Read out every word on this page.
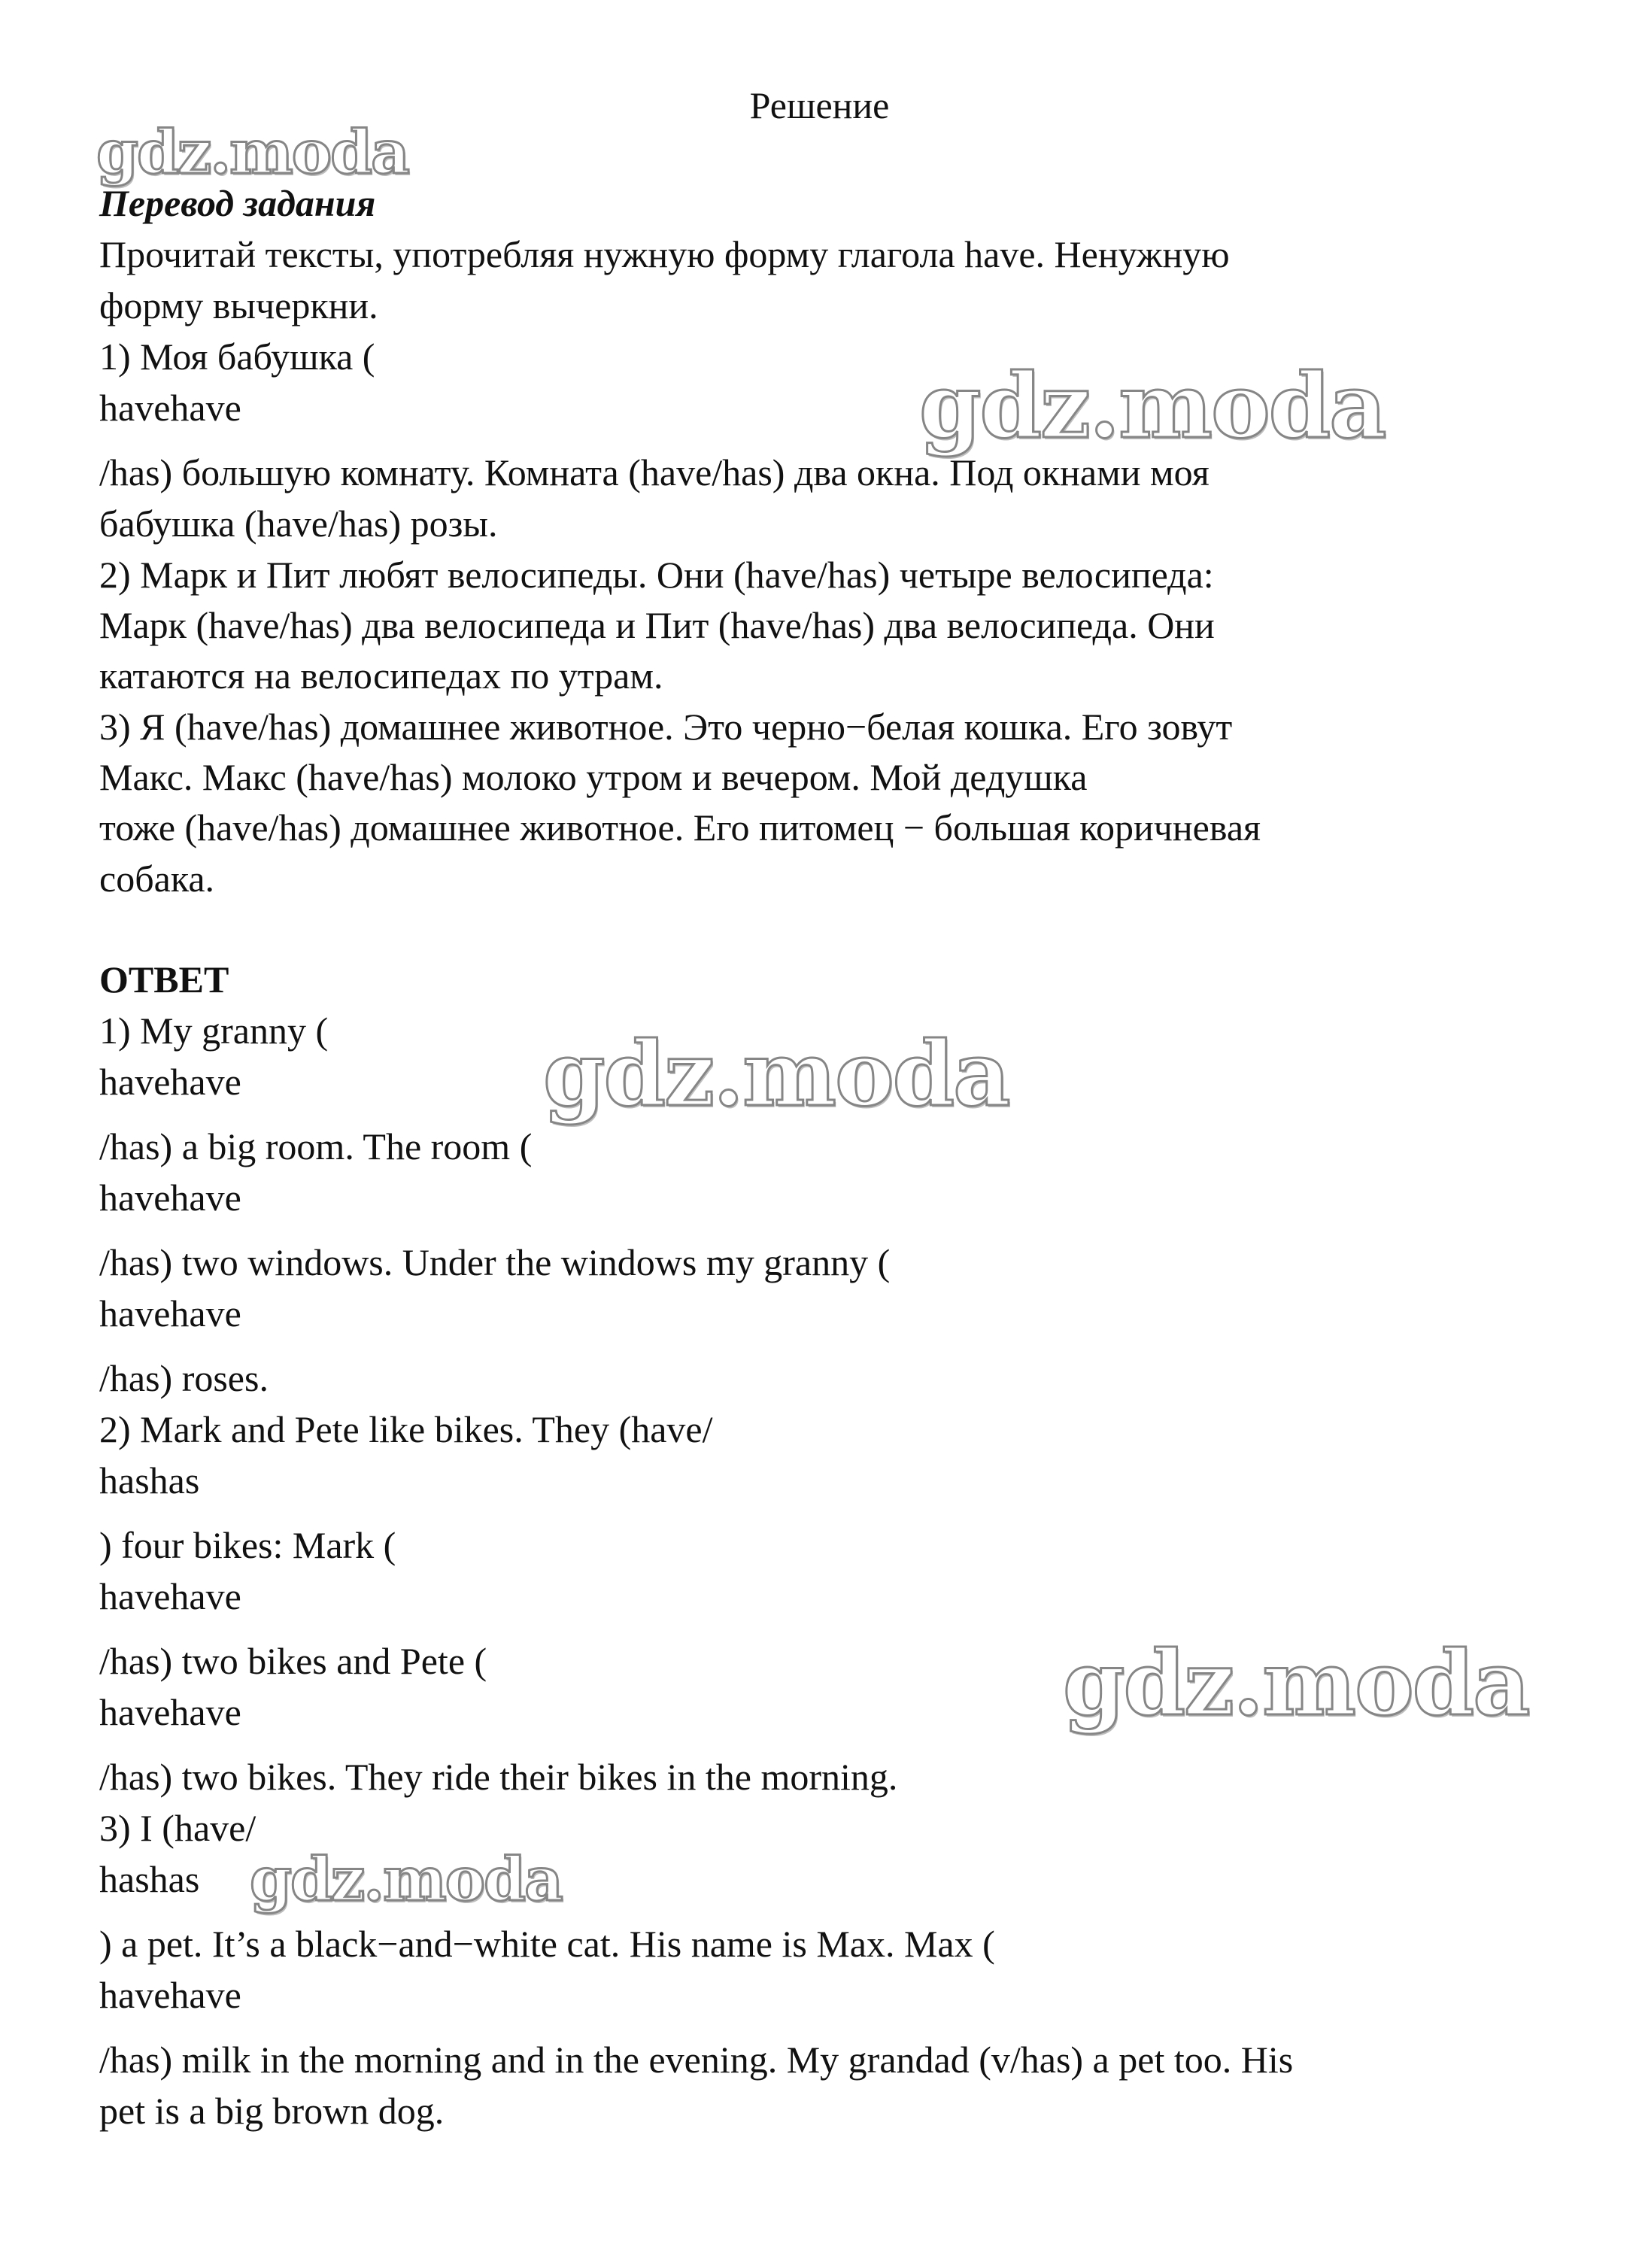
Решение
gdz.moda
gdz.moda
gdz.moda
gdz.moda
gdz.moda
Перевод задания
Прочитай тексты, употребляя нужную форму глагола have. Ненужную
форму вычеркни.
1) Моя бабушка (
havehave
/has) большую комнату. Комната (have/has) два окна. Под окнами моя
бабушка (have/has) розы.
2) Марк и Пит любят велосипеды. Они (have/has) четыре велосипеда:
Марк (have/has) два велосипеда и Пит (have/has) два велосипеда. Они
катаются на велосипедах по утрам.
3) Я (have/has) домашнее животное. Это черно−белая кошка. Его зовут
Макс. Макс (have/has) молоко утром и вечером. Мой дедушка
тоже (have/has) домашнее животное. Его питомец − большая коричневая
собака.
ОТВЕТ
1) My granny (
havehave
/has) a big room. The room (
havehave
/has) two windows. Under the windows my granny (
havehave
/has) roses.
2) Mark and Pete like bikes. They (have/
hashas
) four bikes: Mark (
havehave
/has) two bikes and Pete (
havehave
/has) two bikes. They ride their bikes in the morning.
3) I (have/
hashas
) a pet. It’s a black−and−white cat. His name is Max. Max (
havehave
/has) milk in the morning and in the evening. My grandad (v/has) a pet too. His
pet is a big brown dog.
